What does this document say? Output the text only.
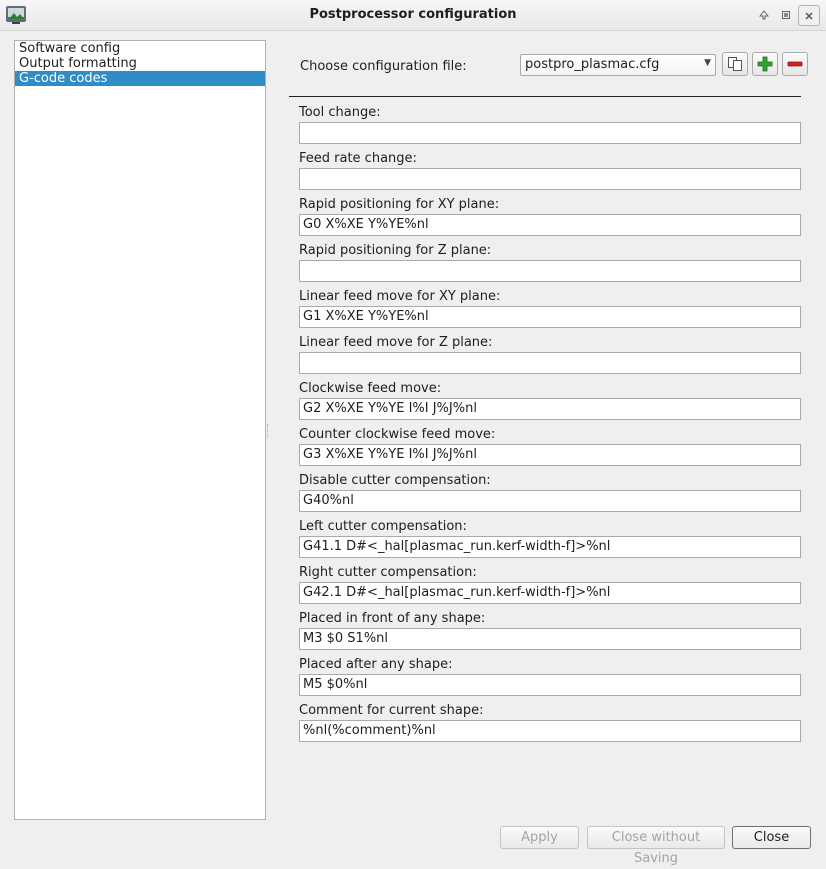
Postprocessor configuration
Software config
Output formatting
G-code codes
Choose configuration file:	postpro_plasmac.cfg	▼
Tool change:
Feed rate change:
Rapid positioning for XY plane:
G0 X%XE Y%YE%nl
Rapid positioning for Z plane:
Linear feed move for XY plane:
G1 X%XE Y%YE%nl
Linear feed move for Z plane:
Clockwise feed move:
G2 X%XE Y%YE I%I J%J%nl
Counter clockwise feed move:
G3 X%XE Y%YE I%I J%J%nl
Disable cutter compensation:
G40%nl
Left cutter compensation:
G41.1 D#<_hal[plasmac_run.kerf-width-f]>%nl
Right cutter compensation:
G42.1 D#<_hal[plasmac_run.kerf-width-f]>%nl
Placed in front of any shape:
M3 $0 S1%nl
Placed after any shape:
M5 $0%nl
Comment for current shape:
%nl(%comment)%nl
Apply	Close without Saving
Close
